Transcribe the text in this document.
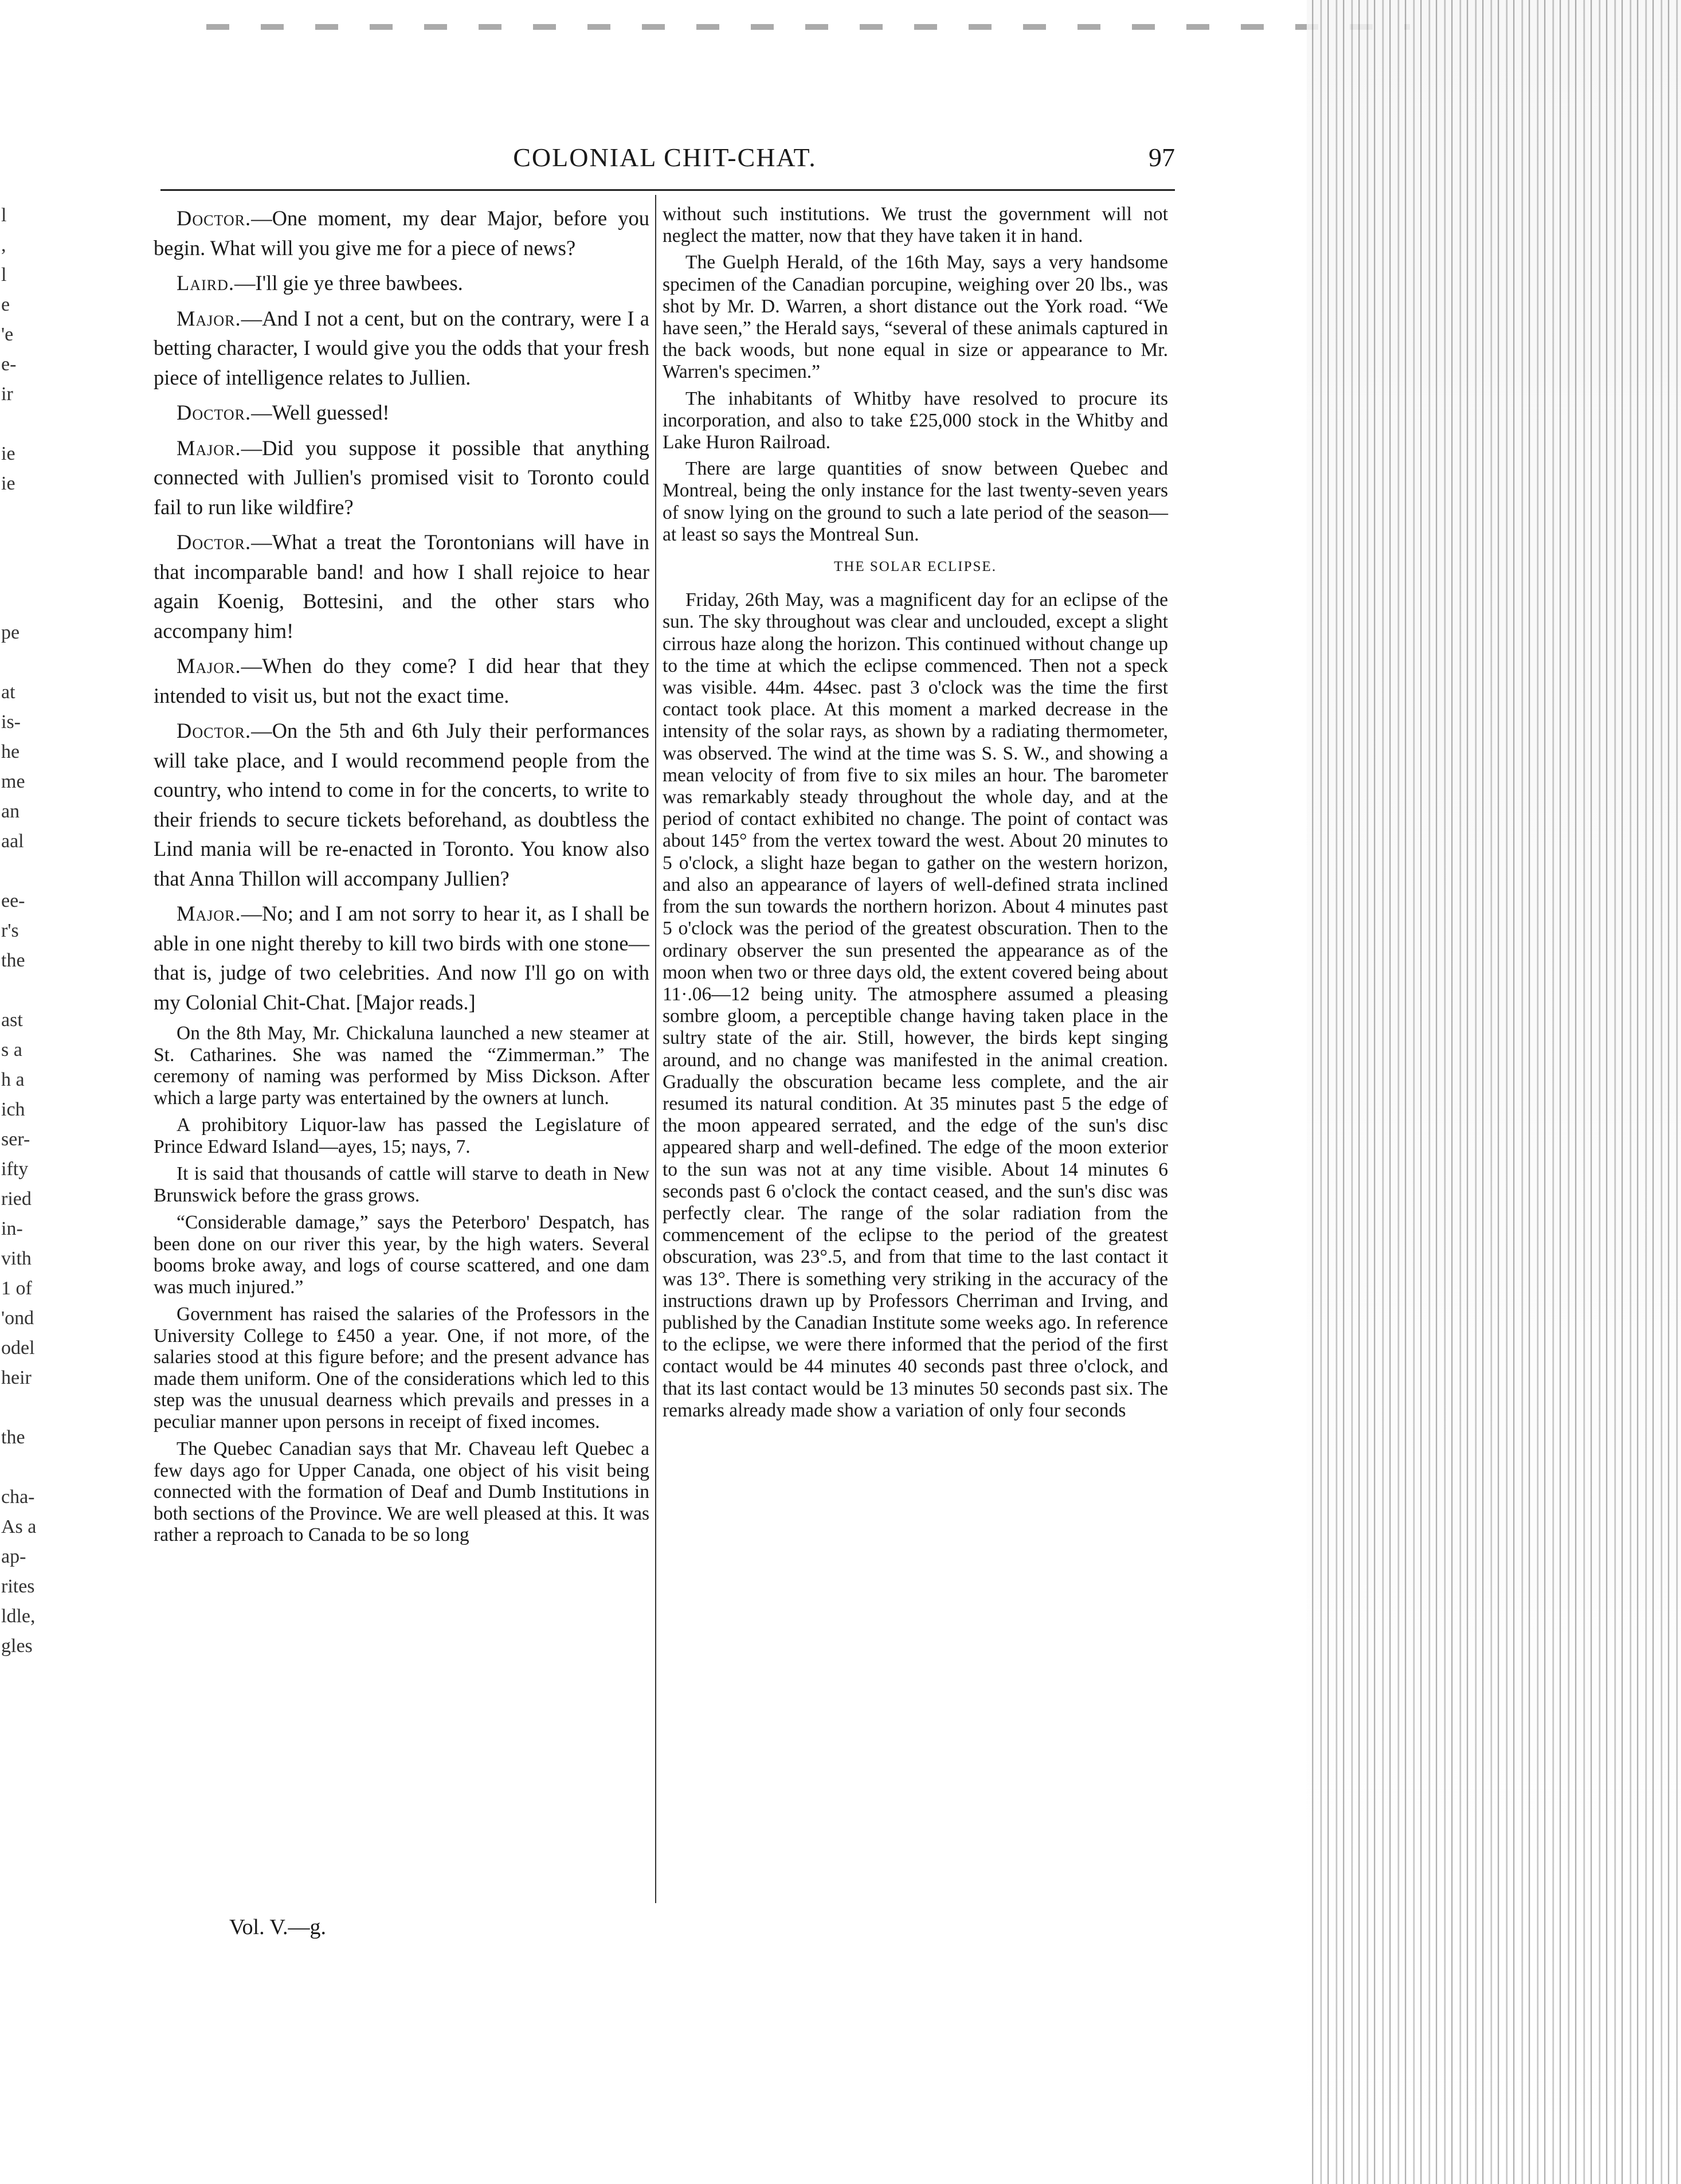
l
,
l
e
'e
e-
ir
ie
ie
pe
at
is-
he
me
an
aal
ee-
r's
the
ast
s a
h a
ich
ser-
ifty
ried
in-
vith
1 of
'ond
odel
heir
the
cha-
As a
ap-
rites
ldle,
gles
COLONIAL CHIT-CHAT.	97

Doctor.—One moment, my dear Major, before you begin. What will you give me for a piece of news?

Laird.—I'll gie ye three bawbees.

Major.—And I not a cent, but on the contrary, were I a betting character, I would give you the odds that your fresh piece of intelligence relates to Jullien.

Doctor.—Well guessed!

Major.—Did you suppose it possible that anything connected with Jullien's promised visit to Toronto could fail to run like wildfire?

Doctor.—What a treat the Torontonians will have in that incomparable band! and how I shall rejoice to hear again Koenig, Bottesini, and the other stars who accompany him!

Major.—When do they come? I did hear that they intended to visit us, but not the exact time.

Doctor.—On the 5th and 6th July their performances will take place, and I would recommend people from the country, who intend to come in for the concerts, to write to their friends to secure tickets beforehand, as doubtless the Lind mania will be re-enacted in Toronto. You know also that Anna Thillon will accompany Jullien?

Major.—No; and I am not sorry to hear it, as I shall be able in one night thereby to kill two birds with one stone—that is, judge of two celebrities. And now I'll go on with my Colonial Chit-Chat. [Major reads.]

On the 8th May, Mr. Chickaluna launched a new steamer at St. Catharines. She was named the “Zimmerman.” The ceremony of naming was performed by Miss Dickson. After which a large party was entertained by the owners at lunch.

A prohibitory Liquor-law has passed the Legislature of Prince Edward Island—ayes, 15; nays, 7.

It is said that thousands of cattle will starve to death in New Brunswick before the grass grows.

“Considerable damage,” says the Peterboro' Despatch, has been done on our river this year, by the high waters. Several booms broke away, and logs of course scattered, and one dam was much injured.”

Government has raised the salaries of the Professors in the University College to £450 a year. One, if not more, of the salaries stood at this figure before; and the present advance has made them uniform. One of the considerations which led to this step was the unusual dearness which prevails and presses in a peculiar manner upon persons in receipt of fixed incomes.

The Quebec Canadian says that Mr. Chaveau left Quebec a few days ago for Upper Canada, one object of his visit being connected with the formation of Deaf and Dumb Institutions in both sections of the Province. We are well pleased at this. It was rather a reproach to Canada to be so long

without such institutions. We trust the government will not neglect the matter, now that they have taken it in hand.

The Guelph Herald, of the 16th May, says a very handsome specimen of the Canadian porcupine, weighing over 20 lbs., was shot by Mr. D. Warren, a short distance out the York road. “We have seen,” the Herald says, “several of these animals captured in the back woods, but none equal in size or appearance to Mr. Warren's specimen.”

The inhabitants of Whitby have resolved to procure its incorporation, and also to take £25,000 stock in the Whitby and Lake Huron Railroad.

There are large quantities of snow between Quebec and Montreal, being the only instance for the last twenty-seven years of snow lying on the ground to such a late period of the season—at least so says the Montreal Sun.

THE SOLAR ECLIPSE.

Friday, 26th May, was a magnificent day for an eclipse of the sun. The sky throughout was clear and unclouded, except a slight cirrous haze along the horizon. This continued without change up to the time at which the eclipse commenced. Then not a speck was visible. 44m. 44sec. past 3 o'clock was the time the first contact took place. At this moment a marked decrease in the intensity of the solar rays, as shown by a radiating thermometer, was observed. The wind at the time was S. S. W., and showing a mean velocity of from five to six miles an hour. The barometer was remarkably steady throughout the whole day, and at the period of contact exhibited no change. The point of contact was about 145° from the vertex toward the west. About 20 minutes to 5 o'clock, a slight haze began to gather on the western horizon, and also an appearance of layers of well-defined strata inclined from the sun towards the northern horizon. About 4 minutes past 5 o'clock was the period of the greatest obscuration. Then to the ordinary observer the sun presented the appearance as of the moon when two or three days old, the extent covered being about 11·.06—12 being unity. The atmosphere assumed a pleasing sombre gloom, a perceptible change having taken place in the sultry state of the air. Still, however, the birds kept singing around, and no change was manifested in the animal creation. Gradually the obscuration became less complete, and the air resumed its natural condition. At 35 minutes past 5 the edge of the moon appeared serrated, and the edge of the sun's disc appeared sharp and well-defined. The edge of the moon exterior to the sun was not at any time visible. About 14 minutes 6 seconds past 6 o'clock the contact ceased, and the sun's disc was perfectly clear. The range of the solar radiation from the commencement of the eclipse to the period of the greatest obscuration, was 23°.5, and from that time to the last contact it was 13°. There is something very striking in the accuracy of the instructions drawn up by Professors Cherriman and Irving, and published by the Canadian Institute some weeks ago. In reference to the eclipse, we were there informed that the period of the first contact would be 44 minutes 40 seconds past three o'clock, and that its last contact would be 13 minutes 50 seconds past six. The remarks already made show a variation of only four seconds

Vol. V.—g.
